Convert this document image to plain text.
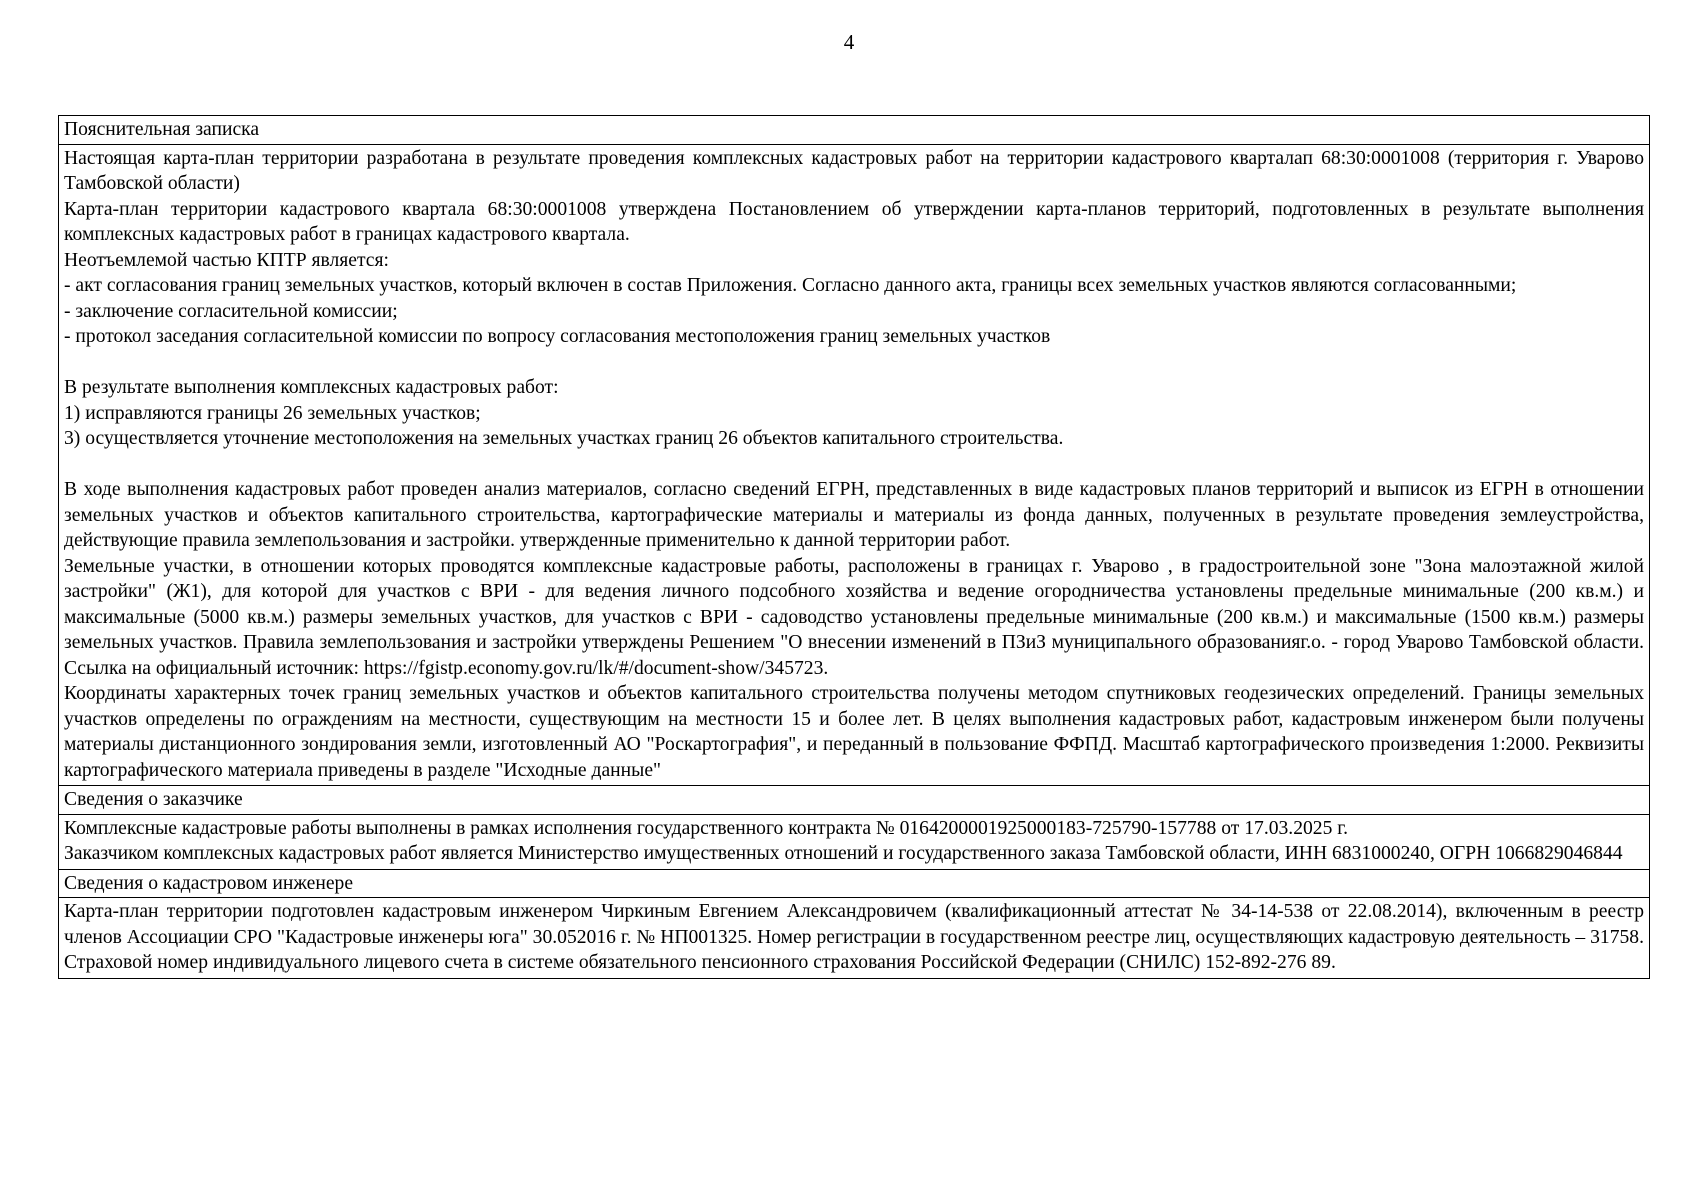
4
Пояснительная записка

Настоящая карта-план территории разработана в результате проведения комплексных кадастровых работ на территории кадастрового кварталап 68:30:0001008 (территория г. Уварово Тамбовской области)

Карта-план территории кадастрового квартала 68:30:0001008 утверждена Постановлением об утверждении карта-планов территорий, подготовленных в результате выполнения комплексных кадастровых работ в границах кадастрового квартала.

Неотъемлемой частью КПТР является:

- акт согласования границ земельных участков, который включен в состав Приложения. Согласно данного акта, границы всех земельных участков являются согласованными;

- заключение согласительной комиссии;

- протокол заседания согласительной комиссии по вопросу согласования местоположения границ земельных участков

В результате выполнения комплексных кадастровых работ:

1) исправляются границы 26 земельных участков;

3) осуществляется уточнение местоположения на земельных участках границ 26 объектов капитального строительства.

В ходе выполнения кадастровых работ проведен анализ материалов, согласно сведений ЕГРН, представленных в виде кадастровых планов территорий и выписок из ЕГРН в отношении земельных участков и объектов капитального строительства, картографические материалы и материалы из фонда данных, полученных в результате проведения землеустройства, действующие правила землепользования и застройки. утвержденные применительно к данной территории работ.

Земельные участки, в отношении которых проводятся комплексные кадастровые работы, расположены в границах г. Уварово , в градостроительной зоне "Зона малоэтажной жилой застройки" (Ж1), для которой для участков с ВРИ - для ведения личного подсобного хозяйства и ведение огородничества установлены предельные минимальные (200 кв.м.) и максимальные (5000 кв.м.) размеры земельных участков, для участков с ВРИ - садоводство установлены предельные минимальные (200 кв.м.) и максимальные (1500 кв.м.) размеры земельных участков. Правила землепользования и застройки утверждены Решением "О внесении изменений в ПЗиЗ муниципального образованияг.о. - город Уварово Тамбовской области. Ссылка на официальный источник: https://fgistp.economy.gov.ru/lk/#/document-show/345723.

Координаты характерных точек границ земельных участков и объектов капитального строительства получены методом спутниковых геодезических определений. Границы земельных участков определены по ограждениям на местности, существующим на местности 15 и более лет. В целях выполнения кадастровых работ, кадастровым инженером были получены материалы дистанционного зондирования земли, изготовленный АО "Роскартография", и переданный в пользование ФФПД. Масштаб картографического произведения 1:2000. Реквизиты картографического материала приведены в разделе "Исходные данные"

Сведения о заказчике

Комплексные кадастровые работы выполнены в рамках исполнения государственного контракта № 0164200001925000183-725790-157788 от 17.03.2025 г.

Заказчиком комплексных кадастровых работ является Министерство имущественных отношений и государственного заказа Тамбовской области, ИНН 6831000240, ОГРН 1066829046844

Сведения о кадастровом инженере

Карта-план территории подготовлен кадастровым инженером Чиркиным Евгением Александровичем (квалификационный аттестат № 34-14-538 от 22.08.2014), включенным в реестр членов Ассоциации СРО "Кадастровые инженеры юга" 30.052016 г. № НП001325. Номер регистрации в государственном реестре лиц, осуществляющих кадастровую деятельность – 31758. Страховой номер индивидуального лицевого счета в системе обязательного пенсионного страхования Российской Федерации (СНИЛС) 152-892-276 89.
